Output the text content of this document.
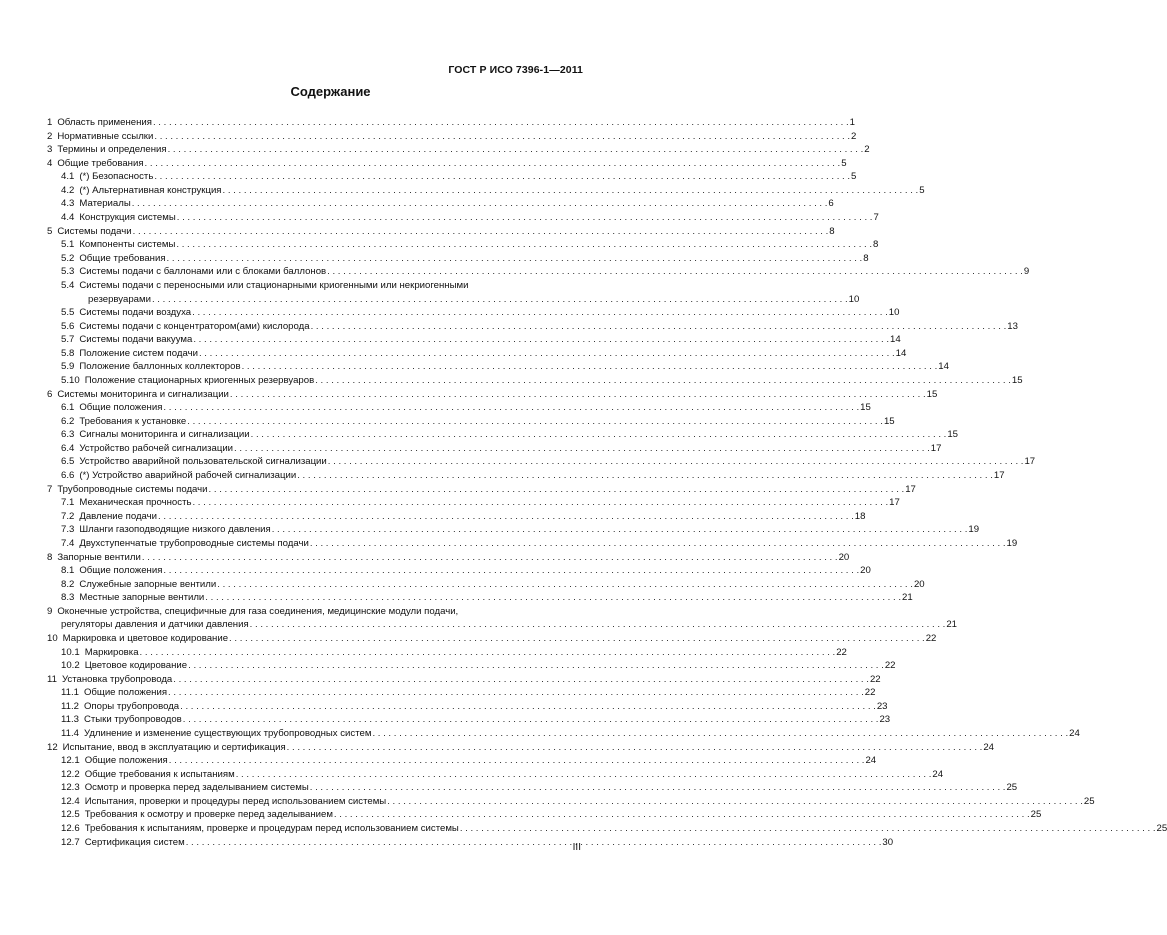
ГОСТ Р ИСО 7396-1—2011
Содержание
1 Область применения . . .	1
2 Нормативные ссылки . . .	2
3 Термины и определения . . .	2
4 Общие требования . . .	5
4.1 (*) Безопасность . . .	5
4.2 (*) Альтернативная конструкция . . .	5
4.3 Материалы . . .	6
4.4 Конструкция системы . . .	7
5 Системы подачи . . .	8
5.1 Компоненты системы . . .	8
5.2 Общие требования . . .	8
5.3 Системы подачи с баллонами или с блоками баллонов . . .	9
5.4 Системы подачи с переносными или стационарными криогенными или некриогенными
резервуарами . . .	10
5.5 Системы подачи воздуха . . .	10
5.6 Системы подачи с концентратором(ами) кислорода . . .	13
5.7 Системы подачи вакуума . . .	14
5.8 Положение систем подачи . . .	14
5.9 Положение баллонных коллекторов . . .	14
5.10 Положение стационарных криогенных резервуаров . . .	15
6 Системы мониторинга и сигнализации . . .	15
6.1 Общие положения . . .	15
6.2 Требования к установке . . .	15
6.3 Сигналы мониторинга и сигнализации . . .	15
6.4 Устройство рабочей сигнализации . . .	17
6.5 Устройство аварийной пользовательской сигнализации . . .	17
6.6 (*) Устройство аварийной рабочей сигнализации . . .	17
7 Трубопроводные системы подачи . . .	17
7.1 Механическая прочность . . .	17
7.2 Давление подачи . . .	18
7.3 Шланги газоподводящие низкого давления . . .	19
7.4 Двухступенчатые трубопроводные системы подачи . . .	19
8 Запорные вентили . . .	20
8.1 Общие положения . . .	20
8.2 Служебные запорные вентили . . .	20
8.3 Местные запорные вентили . . .	21
9 Оконечные устройства, специфичные для газа соединения, медицинские модули подачи,
регуляторы давления и датчики давления . . .	21
10 Маркировка и цветовое кодирование . . .	22
10.1 Маркировка . . .	22
10.2 Цветовое кодирование . . .	22
11 Установка трубопровода . . .	22
11.1 Общие положения . . .	22
11.2 Опоры трубопровода . . .	23
11.3 Стыки трубопроводов . . .	23
11.4 Удлинение и изменение существующих трубопроводных систем . . .	24
12 Испытание, ввод в эксплуатацию и сертификация . . .	24
12.1 Общие положения . . .	24
12.2 Общие требования к испытаниям . . .	24
12.3 Осмотр и проверка перед заделыванием системы . . .	25
12.4 Испытания, проверки и процедуры перед использованием системы . . .	25
12.5 Требования к осмотру и проверке перед заделыванием . . .	25
12.6 Требования к испытаниям, проверке и процедурам перед использованием системы . . .	25
12.7 Сертификация систем . . .	30
III
